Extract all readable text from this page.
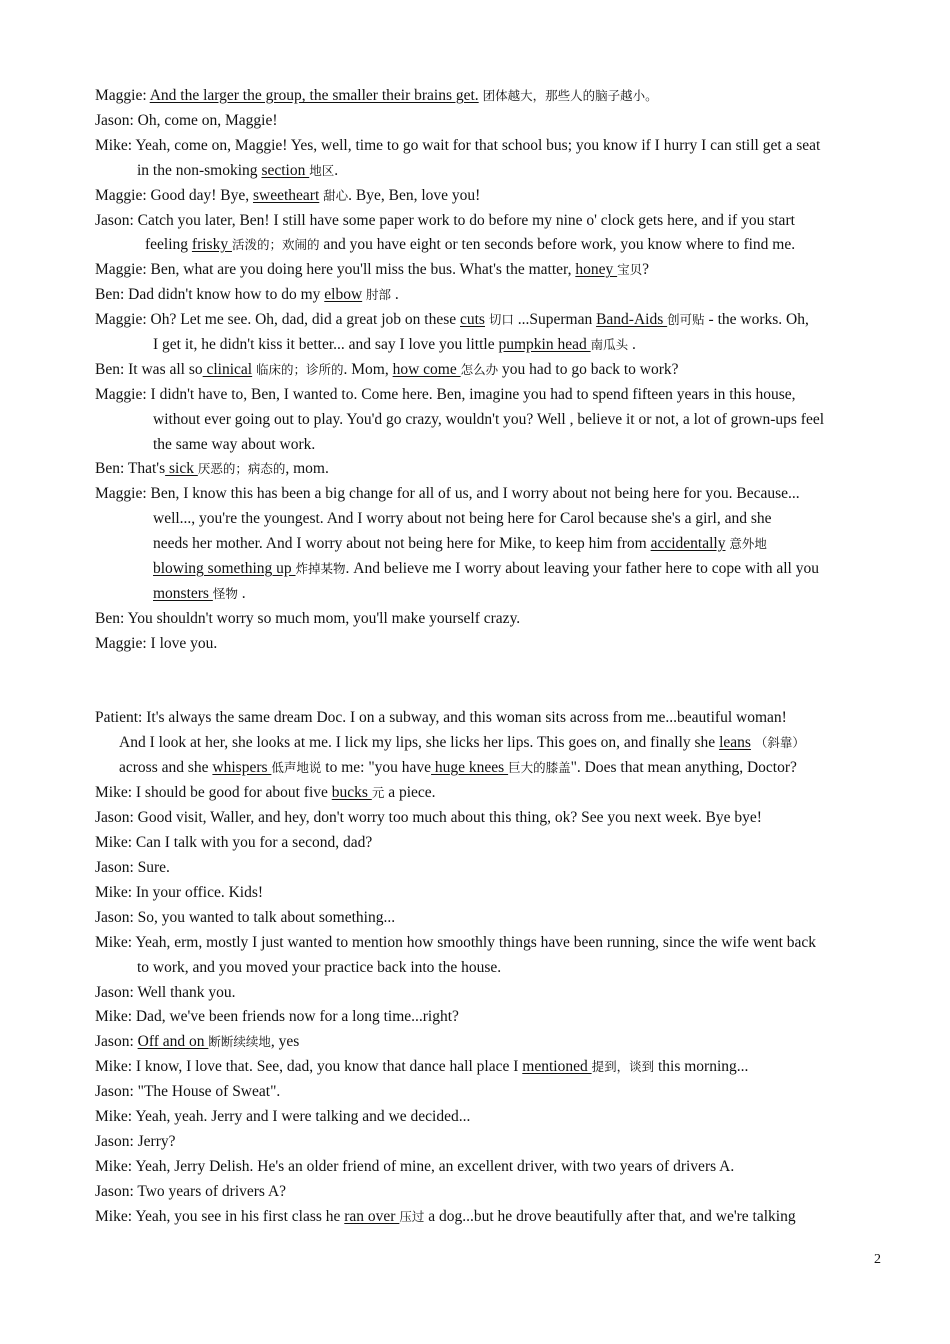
Maggie: And the larger the group, the smaller their brains get. 团体越大，那些人的脑子越小。
Jason: Oh, come on, Maggie!
Mike: Yeah, come on, Maggie! Yes, well, time to go wait for that school bus; you know if I hurry I can still get a seat
in the non-smoking section 地区.
Maggie: Good day! Bye, sweetheart 甜心. Bye, Ben, love you!
Jason: Catch you later, Ben! I still have some paper work to do before my nine o' clock gets here, and if you start
feeling frisky 活泼的；欢闹的 and you have eight or ten seconds before work, you know where to find me.
Maggie: Ben, what are you doing here you'll miss the bus. What's the matter, honey 宝贝?
Ben: Dad didn't know how to do my elbow 肘部 .
Maggie: Oh? Let me see. Oh, dad, did a great job on these cuts 切口 ...Superman Band-Aids 创可贴 - the works. Oh,
I get it, he didn't kiss it better... and say I love you little pumpkin head 南瓜头 .
Ben: It was all so clinical 临床的；诊所的. Mom, how come 怎么办 you had to go back to work?
Maggie: I didn't have to, Ben, I wanted to. Come here. Ben, imagine you had to spend fifteen years in this house,
without ever going out to play. You'd go crazy, wouldn't you? Well , believe it or not, a lot of grown-ups feel
the same way about work.
Ben: That's sick 厌恶的；病态的, mom.
Maggie: Ben, I know this has been a big change for all of us, and I worry about not being here for you. Because...
well..., you're the youngest. And I worry about not being here for Carol because she's a girl, and she
needs her mother. And I worry about not being here for Mike, to keep him from accidentally 意外地
blowing something up 炸掉某物. And believe me I worry about leaving your father here to cope with all you
monsters 怪物 .
Ben: You shouldn't worry so much mom, you'll make yourself crazy.
Maggie: I love you.
Patient: It's always the same dream Doc. I on a subway, and this woman sits across from me...beautiful woman!
And I look at her, she looks at me. I lick my lips, she licks her lips. This goes on, and finally she leans （斜靠）
across and she whispers 低声地说 to me: "you have huge knees 巨大的膝盖". Does that mean anything, Doctor?
Mike: I should be good for about five bucks 元 a piece.
Jason: Good visit, Waller, and hey, don't worry too much about this thing, ok? See you next week. Bye bye!
Mike: Can I talk with you for a second, dad?
Jason: Sure.
Mike: In your office. Kids!
Jason: So, you wanted to talk about something...
Mike: Yeah, erm, mostly I just wanted to mention how smoothly things have been running, since the wife went back
to work, and you moved your practice back into the house.
Jason: Well thank you.
Mike: Dad, we've been friends now for a long time...right?
Jason: Off and on 断断续续地, yes
Mike: I know, I love that. See, dad, you know that dance hall place I mentioned 提到，谈到 this morning...
Jason: "The House of Sweat".
Mike: Yeah, yeah. Jerry and I were talking and we decided...
Jason: Jerry?
Mike: Yeah, Jerry Delish. He's an older friend of mine, an excellent driver, with two years of drivers A.
Jason: Two years of drivers A?
Mike: Yeah, you see in his first class he ran over 压过 a dog...but he drove beautifully after that, and we're talking
2
